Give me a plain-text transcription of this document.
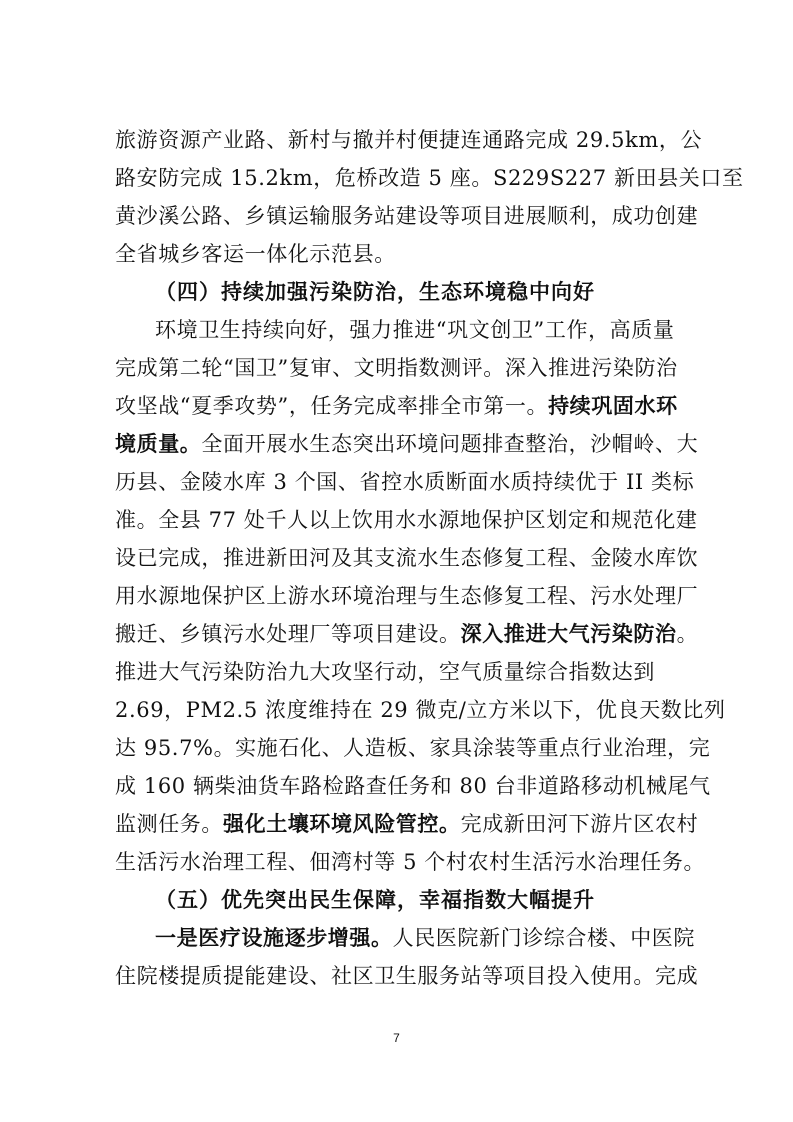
旅游资源产业路、新村与撤并村便捷连通路完成 29.5km，公
路安防完成 15.2km，危桥改造 5 座。S229S227 新田县关口至
黄沙溪公路、乡镇运输服务站建设等项目进展顺利，成功创建
全省城乡客运一体化示范县。
（四）持续加强污染防治，生态环境稳中向好
环境卫生持续向好，强力推进“巩文创卫”工作，高质量
完成第二轮“国卫”复审、文明指数测评。深入推进污染防治
攻坚战“夏季攻势”，任务完成率排全市第一。持续巩固水环
境质量。全面开展水生态突出环境问题排查整治，沙帽岭、大
历县、金陵水库 3 个国、省控水质断面水质持续优于 II 类标
准。全县 77 处千人以上饮用水水源地保护区划定和规范化建
设已完成，推进新田河及其支流水生态修复工程、金陵水库饮
用水源地保护区上游水环境治理与生态修复工程、污水处理厂
搬迁、乡镇污水处理厂等项目建设。深入推进大气污染防治。
推进大气污染防治九大攻坚行动，空气质量综合指数达到
2.69，PM2.5 浓度维持在 29 微克/立方米以下，优良天数比列
达 95.7%。实施石化、人造板、家具涂装等重点行业治理，完
成 160 辆柴油货车路检路查任务和 80 台非道路移动机械尾气
监测任务。强化土壤环境风险管控。完成新田河下游片区农村
生活污水治理工程、佃湾村等 5 个村农村生活污水治理任务。
（五）优先突出民生保障，幸福指数大幅提升
一是医疗设施逐步增强。人民医院新门诊综合楼、中医院
住院楼提质提能建设、社区卫生服务站等项目投入使用。完成
7
